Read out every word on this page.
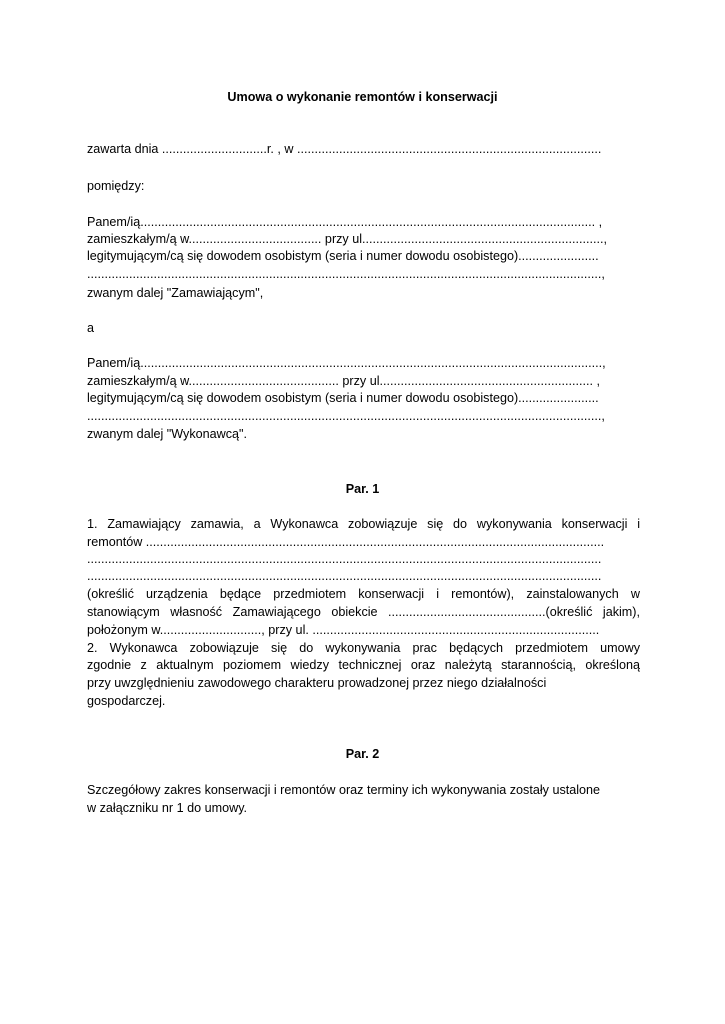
Umowa o wykonanie remontów i konserwacji
zawarta dnia ..............................r. , w .......................................................................................
pomiędzy:
Panem/ią.................................................................................................................................. ,
zamieszkałym/ą w...................................... przy ul.....................................................................,
legitymującym/cą się dowodem osobistym (seria i numer dowodu osobistego).......................
...................................................................................................................................................,
zwanym dalej "Zamawiającym",
a
Panem/ią....................................................................................................................................,
zamieszkałym/ą w........................................... przy ul............................................................. ,
legitymującym/cą się dowodem osobistym (seria i numer dowodu osobistego).......................
...................................................................................................................................................,
zwanym dalej "Wykonawcą".
Par. 1
1. Zamawiający zamawia, a Wykonawca zobowiązuje się do wykonywania konserwacji i
remontów ...................................................................................................................................
...................................................................................................................................................
...................................................................................................................................................
(określić urządzenia będące przedmiotem konserwacji i remontów), zainstalowanych w
stanowiącym własność Zamawiającego obiekcie .............................................(określić jakim),
położonym w............................., przy ul. ..................................................................................
2. Wykonawca zobowiązuje się do wykonywania prac będących przedmiotem umowy
zgodnie z aktualnym poziomem wiedzy technicznej oraz należytą starannością, określoną
przy uwzględnieniu zawodowego charakteru prowadzonej przez niego działalności
gospodarczej.
Par. 2
Szczegółowy zakres konserwacji i remontów oraz terminy ich wykonywania zostały ustalone
w załączniku nr 1 do umowy.
